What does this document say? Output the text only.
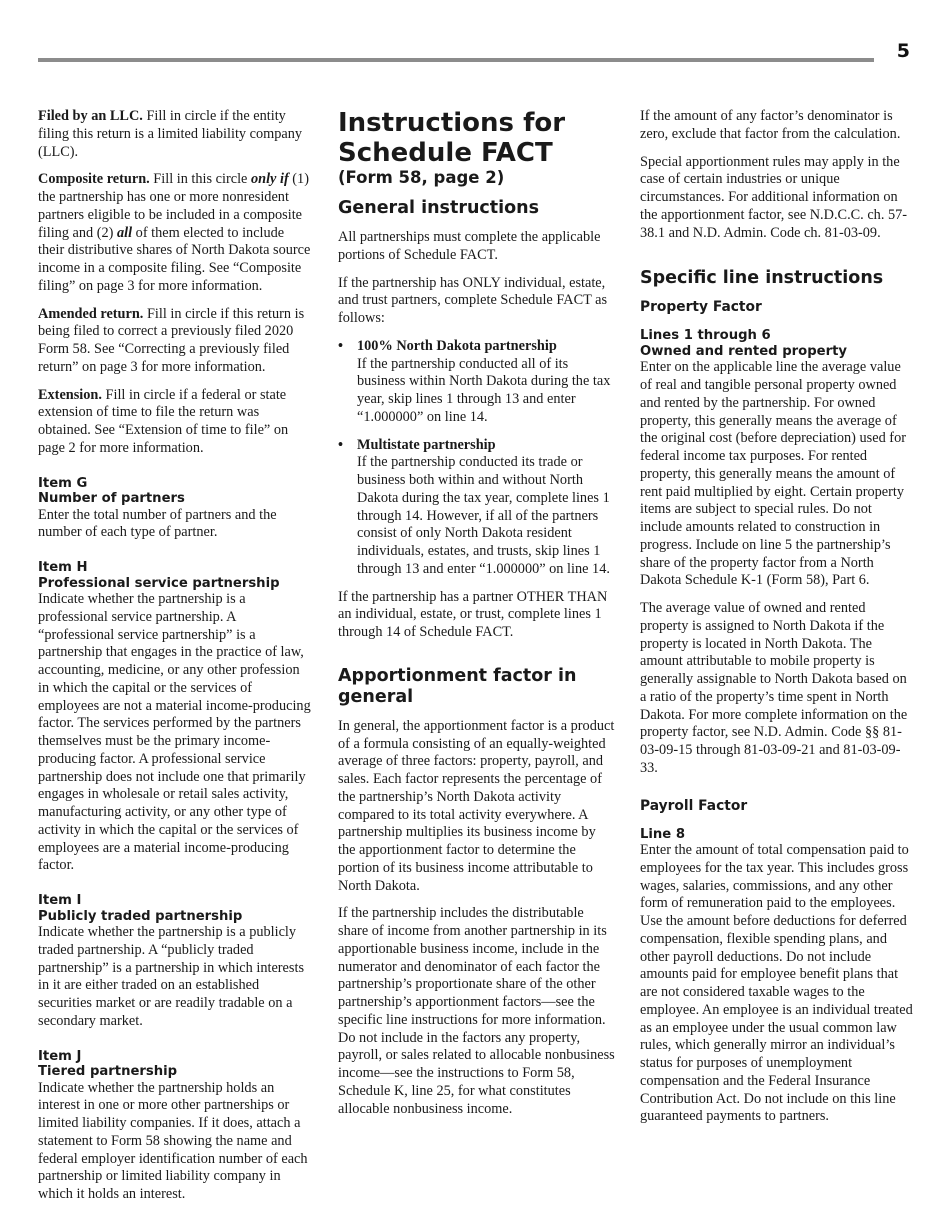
5

Filed by an LLC. Fill in circle if the entity filing this return is a limited liability company (LLC).

Composite return. Fill in this circle only if (1) the partnership has one or more nonresident partners eligible to be included in a composite filing and (2) all of them elected to include their distributive shares of North Dakota source income in a composite filing. See “Composite filing” on page 3 for more information.

Amended return. Fill in circle if this return is being filed to correct a previously filed 2020 Form 58. See “Correcting a previously filed return” on page 3 for more information.

Extension. Fill in circle if a federal or state extension of time to file the return was obtained. See “Extension of time to file” on page 2 for more information.

Item G
Number of partners

Enter the total number of partners and the number of each type of partner.

Item H
Professional service partnership

Indicate whether the partnership is a professional service partnership. A “professional service partnership” is a partnership that engages in the practice of law, accounting, medicine, or any other profession in which the capital or the services of employees are not a material income-producing factor. The services performed by the partners themselves must be the primary income-producing factor. A professional service partnership does not include one that primarily engages in wholesale or retail sales activity, manufacturing activity, or any other type of activity in which the capital or the services of employees are a material income-producing factor.

Item I
Publicly traded partnership

Indicate whether the partnership is a publicly traded partnership. A “publicly traded partnership” is a partnership in which interests in it are either traded on an established securities market or are readily tradable on a secondary market.

Item J
Tiered partnership

Indicate whether the partnership holds an interest in one or more other partnerships or limited liability companies. If it does, attach a statement to Form 58 showing the name and federal employer identification number of each partnership or limited liability company in which it holds an interest.

Instructions for
Schedule FACT
(Form 58, page 2)
General instructions

All partnerships must complete the applicable portions of Schedule FACT.

If the partnership has ONLY individual, estate, and trust partners, complete Schedule FACT as follows:

• 100% North Dakota partnership
If the partnership conducted all of its business within North Dakota during the tax year, skip lines 1 through 13 and enter “1.000000” on line 14.
• Multistate partnership
If the partnership conducted its trade or business both within and without North Dakota during the tax year, complete lines 1 through 14. However, if all of the partners consist of only North Dakota resident individuals, estates, and trusts, skip lines 1 through 13 and enter “1.000000” on line 14.

If the partnership has a partner OTHER THAN an individual, estate, or trust, complete lines 1 through 14 of Schedule FACT.

Apportionment factor in general

In general, the apportionment factor is a product of a formula consisting of an equally-weighted average of three factors: property, payroll, and sales. Each factor represents the percentage of the partnership’s North Dakota activity compared to its total activity everywhere. A partnership multiplies its business income by the apportionment factor to determine the portion of its business income attributable to North Dakota.

If the partnership includes the distributable share of income from another partnership in its apportionable business income, include in the numerator and denominator of each factor the partnership’s proportionate share of the other partnership’s apportionment factors—see the specific line instructions for more information. Do not include in the factors any property, payroll, or sales related to allocable nonbusiness income—see the instructions to Form 58, Schedule K, line 25, for what constitutes allocable nonbusiness income.

If the amount of any factor’s denominator is zero, exclude that factor from the calculation.

Special apportionment rules may apply in the case of certain industries or unique circumstances. For additional information on the apportionment factor, see N.D.C.C. ch. 57-38.1 and N.D. Admin. Code ch. 81-03-09.

Specific line instructions
Property Factor
Lines 1 through 6
Owned and rented property

Enter on the applicable line the average value of real and tangible personal property owned and rented by the partnership. For owned property, this generally means the average of the original cost (before depreciation) used for federal income tax purposes. For rented property, this generally means the amount of rent paid multiplied by eight. Certain property items are subject to special rules. Do not include amounts related to construction in progress. Include on line 5 the partnership’s share of the property factor from a North Dakota Schedule K-1 (Form 58), Part 6.

The average value of owned and rented property is assigned to North Dakota if the property is located in North Dakota. The amount attributable to mobile property is generally assignable to North Dakota based on a ratio of the property’s time spent in North Dakota. For more complete information on the property factor, see N.D. Admin. Code §§ 81-03-09-15 through 81-03-09-21 and 81-03-09-33.

Payroll Factor
Line 8

Enter the amount of total compensation paid to employees for the tax year. This includes gross wages, salaries, commissions, and any other form of remuneration paid to the employees. Use the amount before deductions for deferred compensation, flexible spending plans, and other payroll deductions. Do not include amounts paid for employee benefit plans that are not considered taxable wages to the employee. An employee is an individual treated as an employee under the usual common law rules, which generally mirror an individual’s status for purposes of unemployment compensation and the Federal Insurance Contribution Act. Do not include on this line guaranteed payments to partners.
